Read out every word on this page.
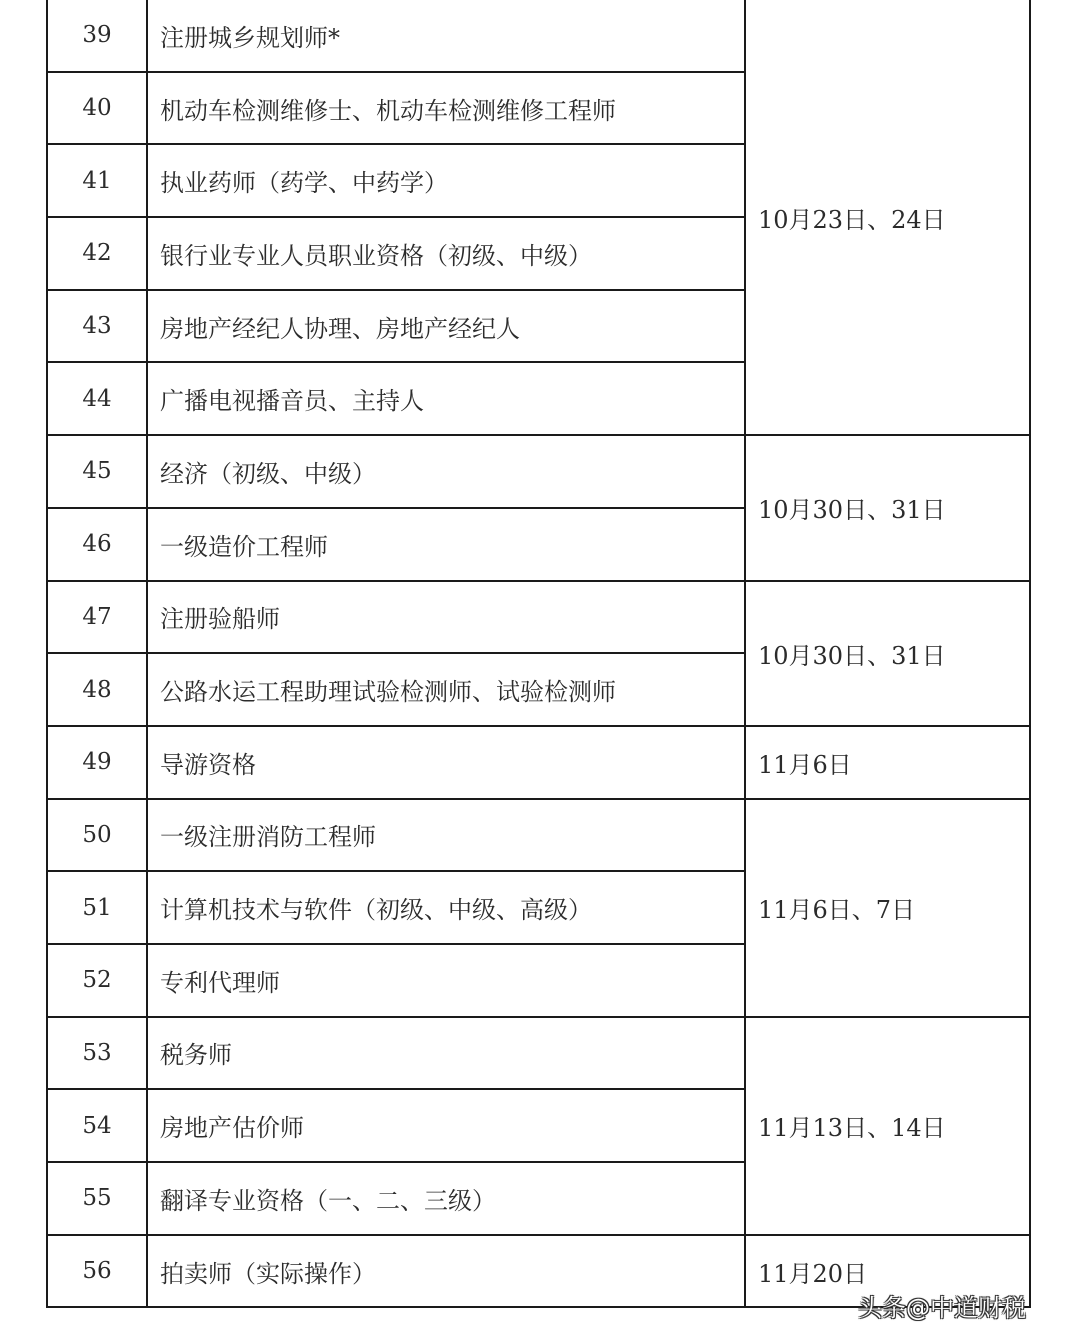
39	注册城乡规划师*	10月23日、24日
40	机动车检测维修士、机动车检测维修工程师	
41	执业药师（药学、中药学）	
42	银行业专业人员职业资格（初级、中级）	
43	房地产经纪人协理、房地产经纪人	
44	广播电视播音员、主持人	
45	经济（初级、中级）	10月30日、31日
46	一级造价工程师	
47	注册验船师	10月30日、31日
48	公路水运工程助理试验检测师、试验检测师	
49	导游资格	11月6日
50	一级注册消防工程师	11月6日、7日
51	计算机技术与软件（初级、中级、高级）	
52	专利代理师	
53	税务师	11月13日、14日
54	房地产估价师	
55	翻译专业资格（一、二、三级）	
56	拍卖师（实际操作）	11月20日
头条@中道财税
